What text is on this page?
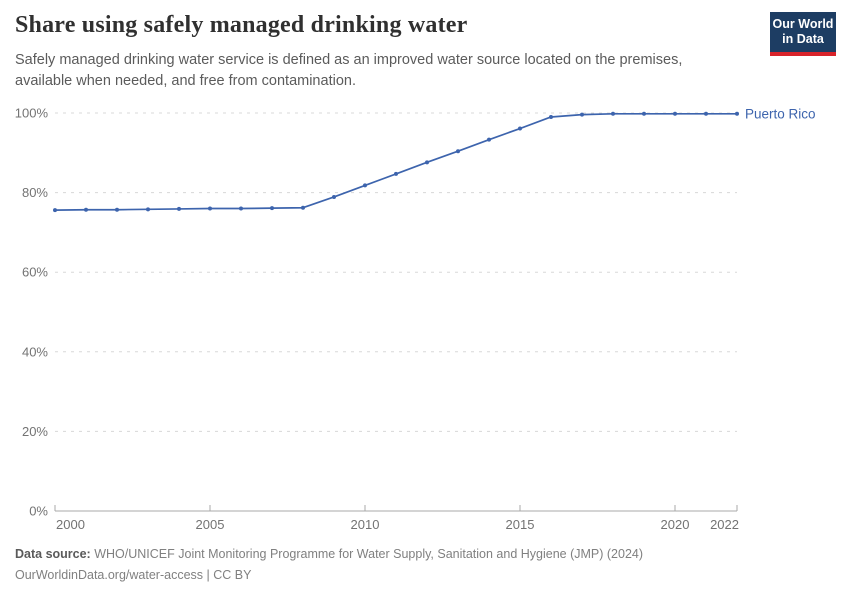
Share using safely managed drinking water

Safely managed drinking water service is defined as an improved water source located on the premises, available when needed, and free from contamination.

Our World
in Data
0%
20%
40%
60%
80%
100%
2000	2005	2010	2015	2020 2022
Puerto Rico

Data source: WHO/UNICEF Joint Monitoring Programme for Water Supply, Sanitation and Hygiene (JMP) (2024)

OurWorldinData.org/water-access | CC BY
